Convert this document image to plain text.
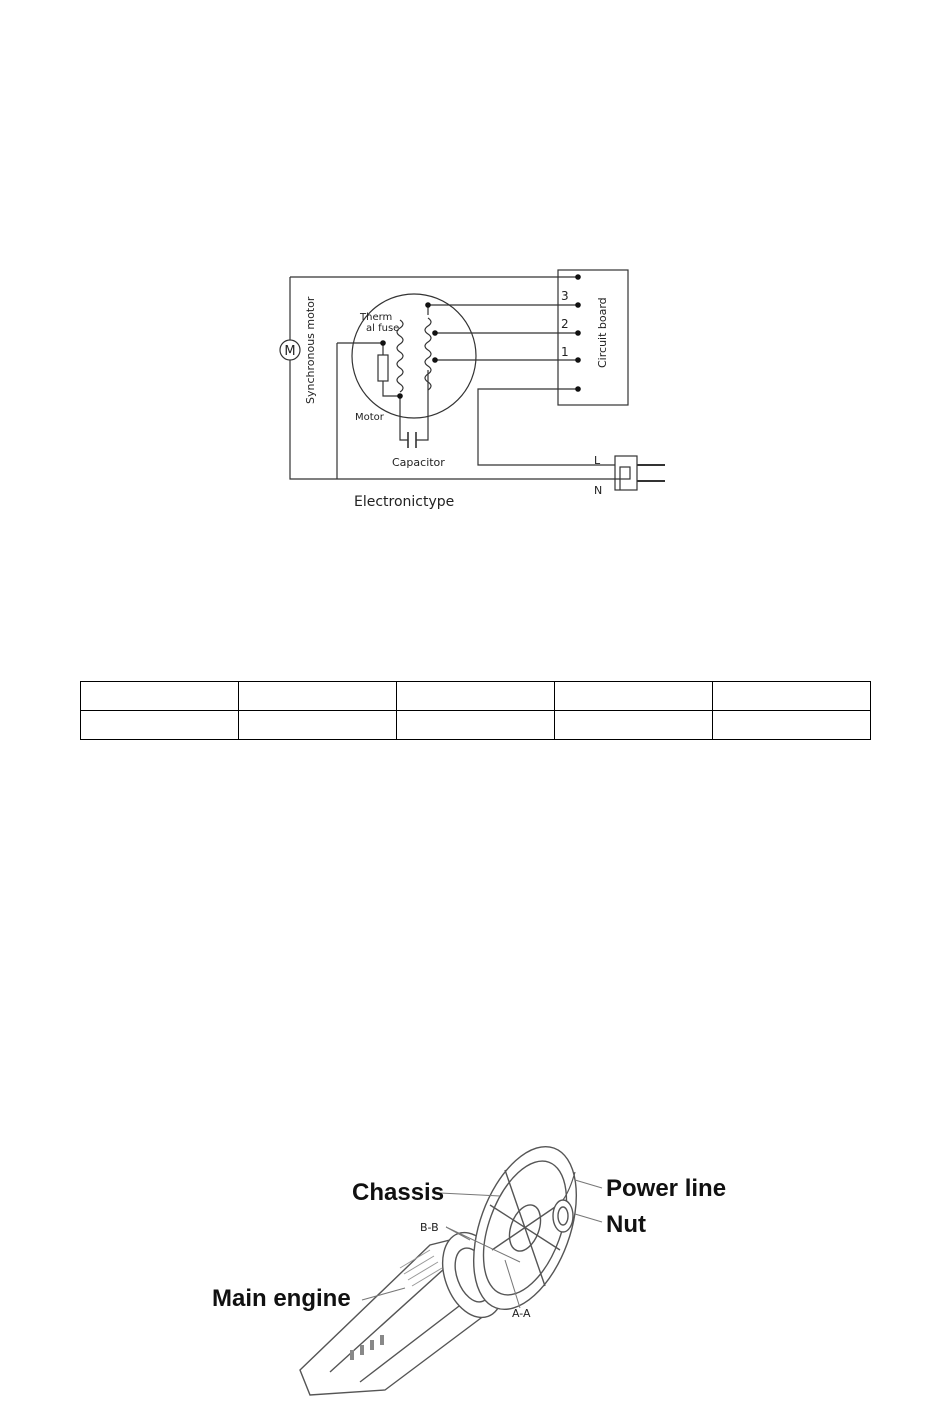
M Synchronous motor	Circuit board
3
2
1
Therm
al fuse
Motor
Capacitor	L
N
Electronictype

Chassis	Power line
Nut
B-B
Main engine
A-A
